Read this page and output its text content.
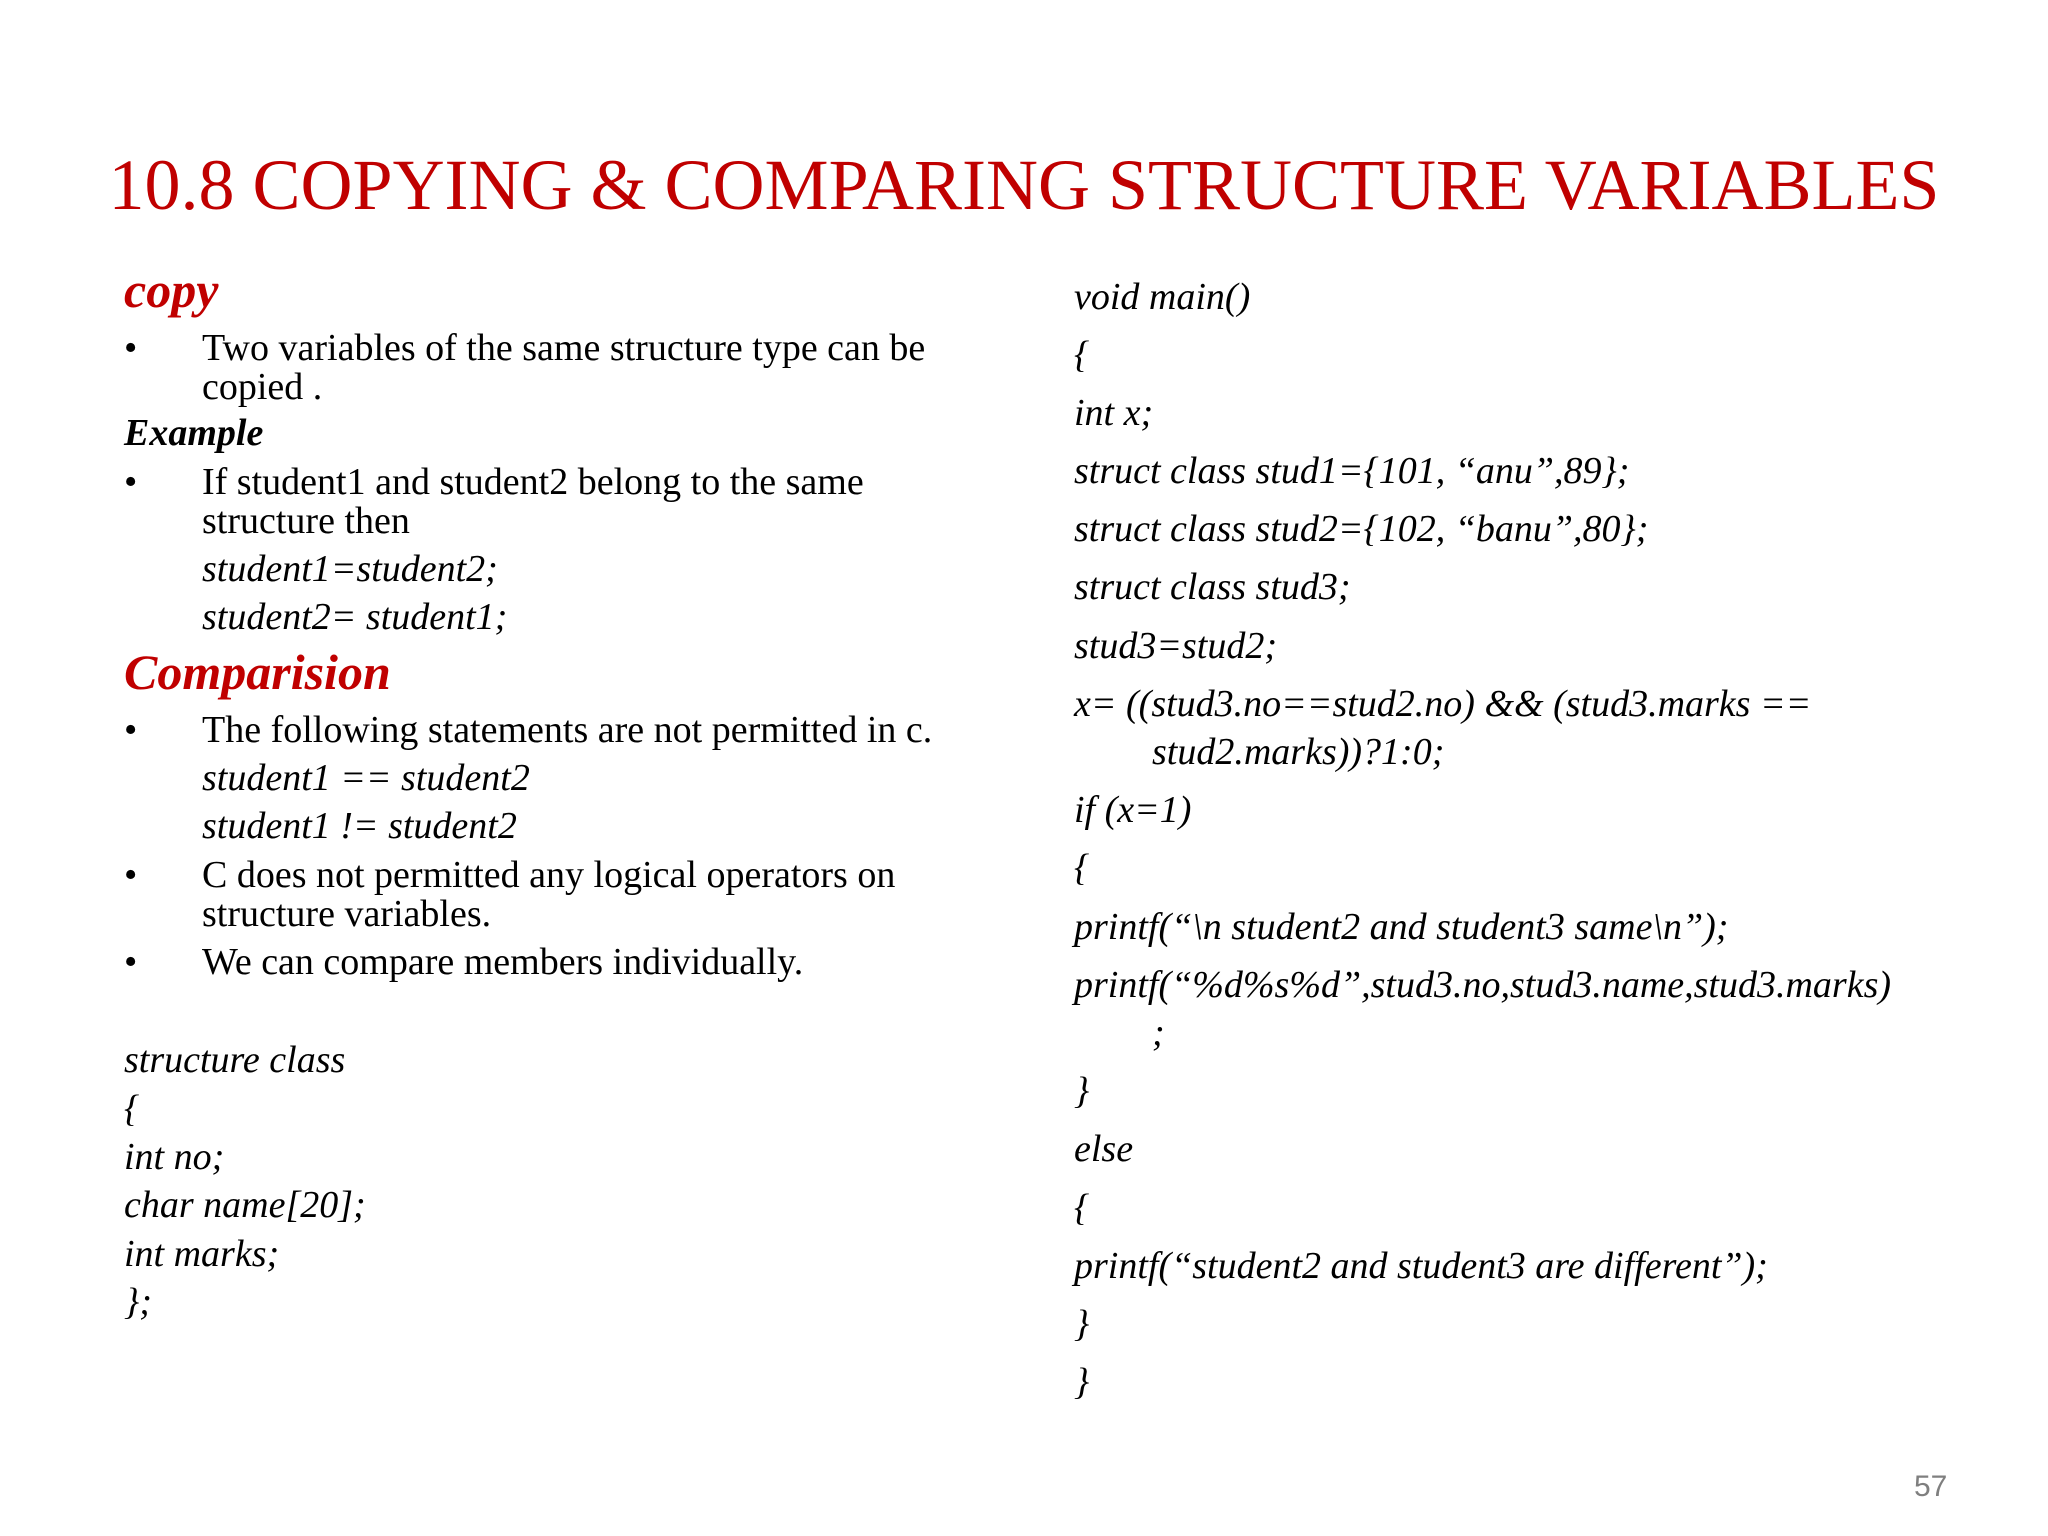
10.8 COPYING & COMPARING STRUCTURE VARIABLES
copy
• Two variables of the same structure type can be
copied .
Example
• If student1 and student2 belong to the same
structure then
student1=student2;
student2= student1;
Comparision
• The following statements are not permitted in c.
student1 == student2
student1 != student2
• C does not permitted any logical operators on
structure variables.
• We can compare members individually.
structure class
{
int no;
char name[20];
int marks;
};
void main()
{
int x;
struct class stud1={101, “anu”,89};
struct class stud2={102, “banu”,80};
struct class stud3;
stud3=stud2;
x= ((stud3.no==stud2.no) && (stud3.marks ==
stud2.marks))?1:0;
if (x=1)
{
printf(“\n student2 and student3 same\n”);
printf(“%d%s%d”,stud3.no,stud3.name,stud3.marks)
;
}
else
{
printf(“student2 and student3 are different”);
}
}
57
